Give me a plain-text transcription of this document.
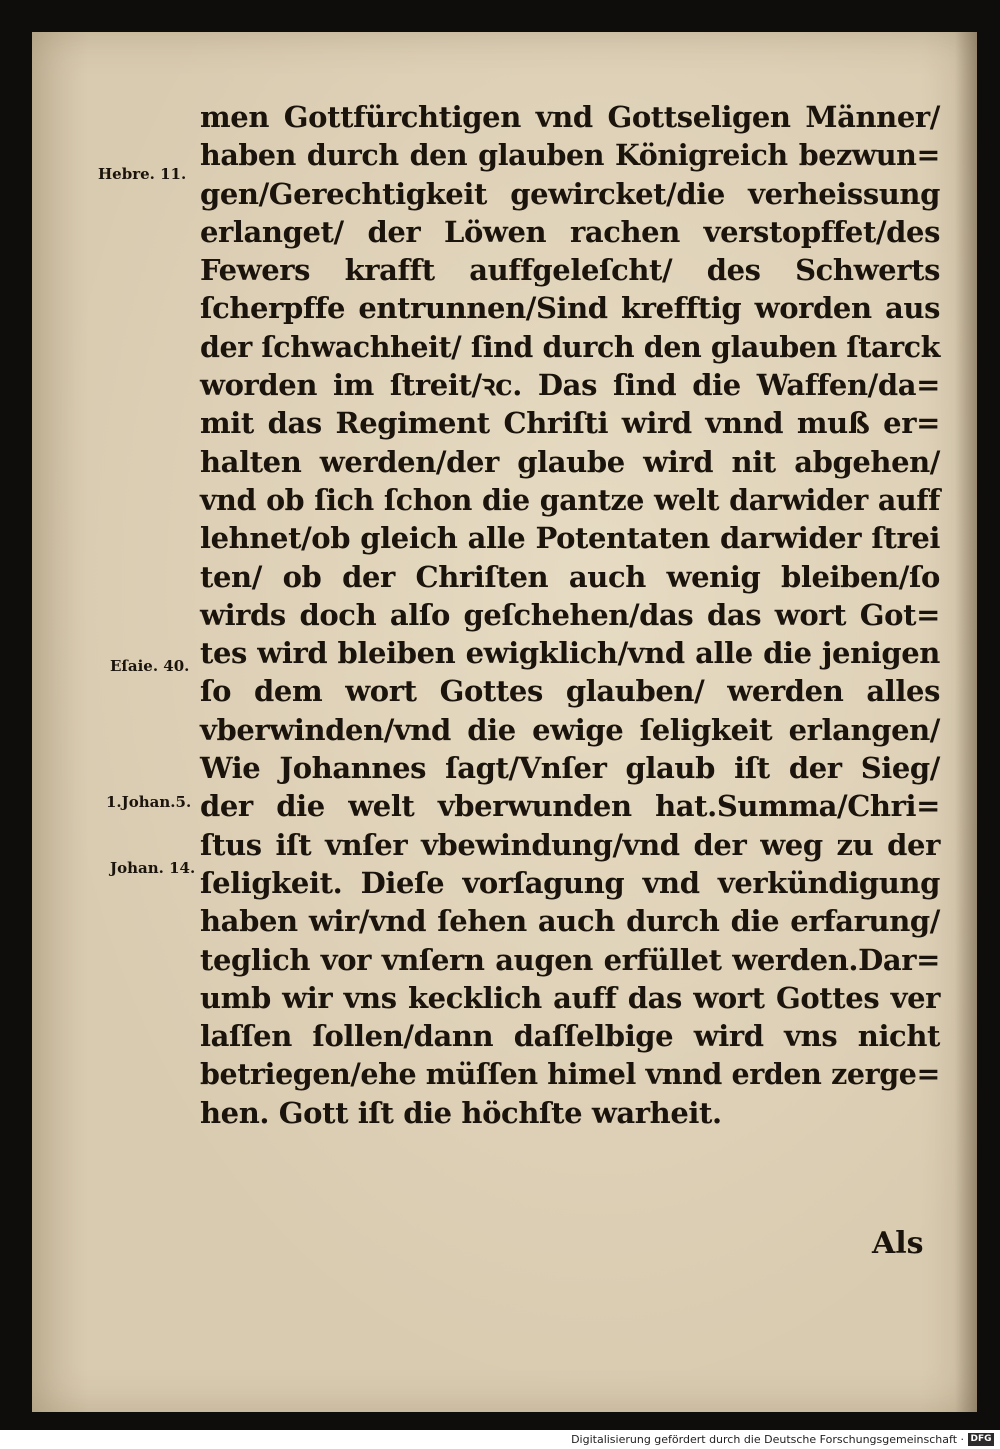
men Gottfürchtigen vnd Gottseligen Männer/
haben durch den glauben Königreich bezwun=
gen/Gerechtigkeit gewircket/die verheissung
erlanget/ der Löwen rachen verstopffet/des
Fewers krafft auffgeleſcht/ des Schwerts
ſcherpffe entrunnen/Sind krefftig worden aus
der ſchwachheit/ ſind durch den glauben ſtarck
worden im ſtreit/ꝛc. Das ſind die Waffen/da=
mit das Regiment Chriſti wird vnnd muß er=
halten werden/der glaube wird nit abgehen/
vnd ob ſich ſchon die gantze welt darwider auff
lehnet/ob gleich alle Potentaten darwider ſtrei
ten/ ob der Chriſten auch wenig bleiben/ſo
wirds doch alſo geſchehen/das das wort Got=
tes wird bleiben ewigklich/vnd alle die jenigen
ſo dem wort Gottes glauben/ werden alles
vberwinden/vnd die ewige ſeligkeit erlangen/
Wie Johannes ſagt/Vnſer glaub iſt der Sieg/
der die welt vberwunden hat.Summa/Chri=
ſtus iſt vnſer vbewindung/vnd der weg zu der
ſeligkeit. Dieſe vorſagung vnd verkündigung
haben wir/vnd ſehen auch durch die erfarung/
teglich vor vnſern augen erfüllet werden.Dar=
umb wir vns kecklich auff das wort Gottes ver
laſſen ſollen/dann daſſelbige wird vns nicht
betriegen/ehe müſſen himel vnnd erden zerge=
hen. Gott iſt die höchſte warheit.
Hebre. 11.
Eſaie. 40.
1.Johan.5.
Johan. 14.
Als
Digitalisierung gefördert durch die Deutsche Forschungsgemeinschaft · DFG
